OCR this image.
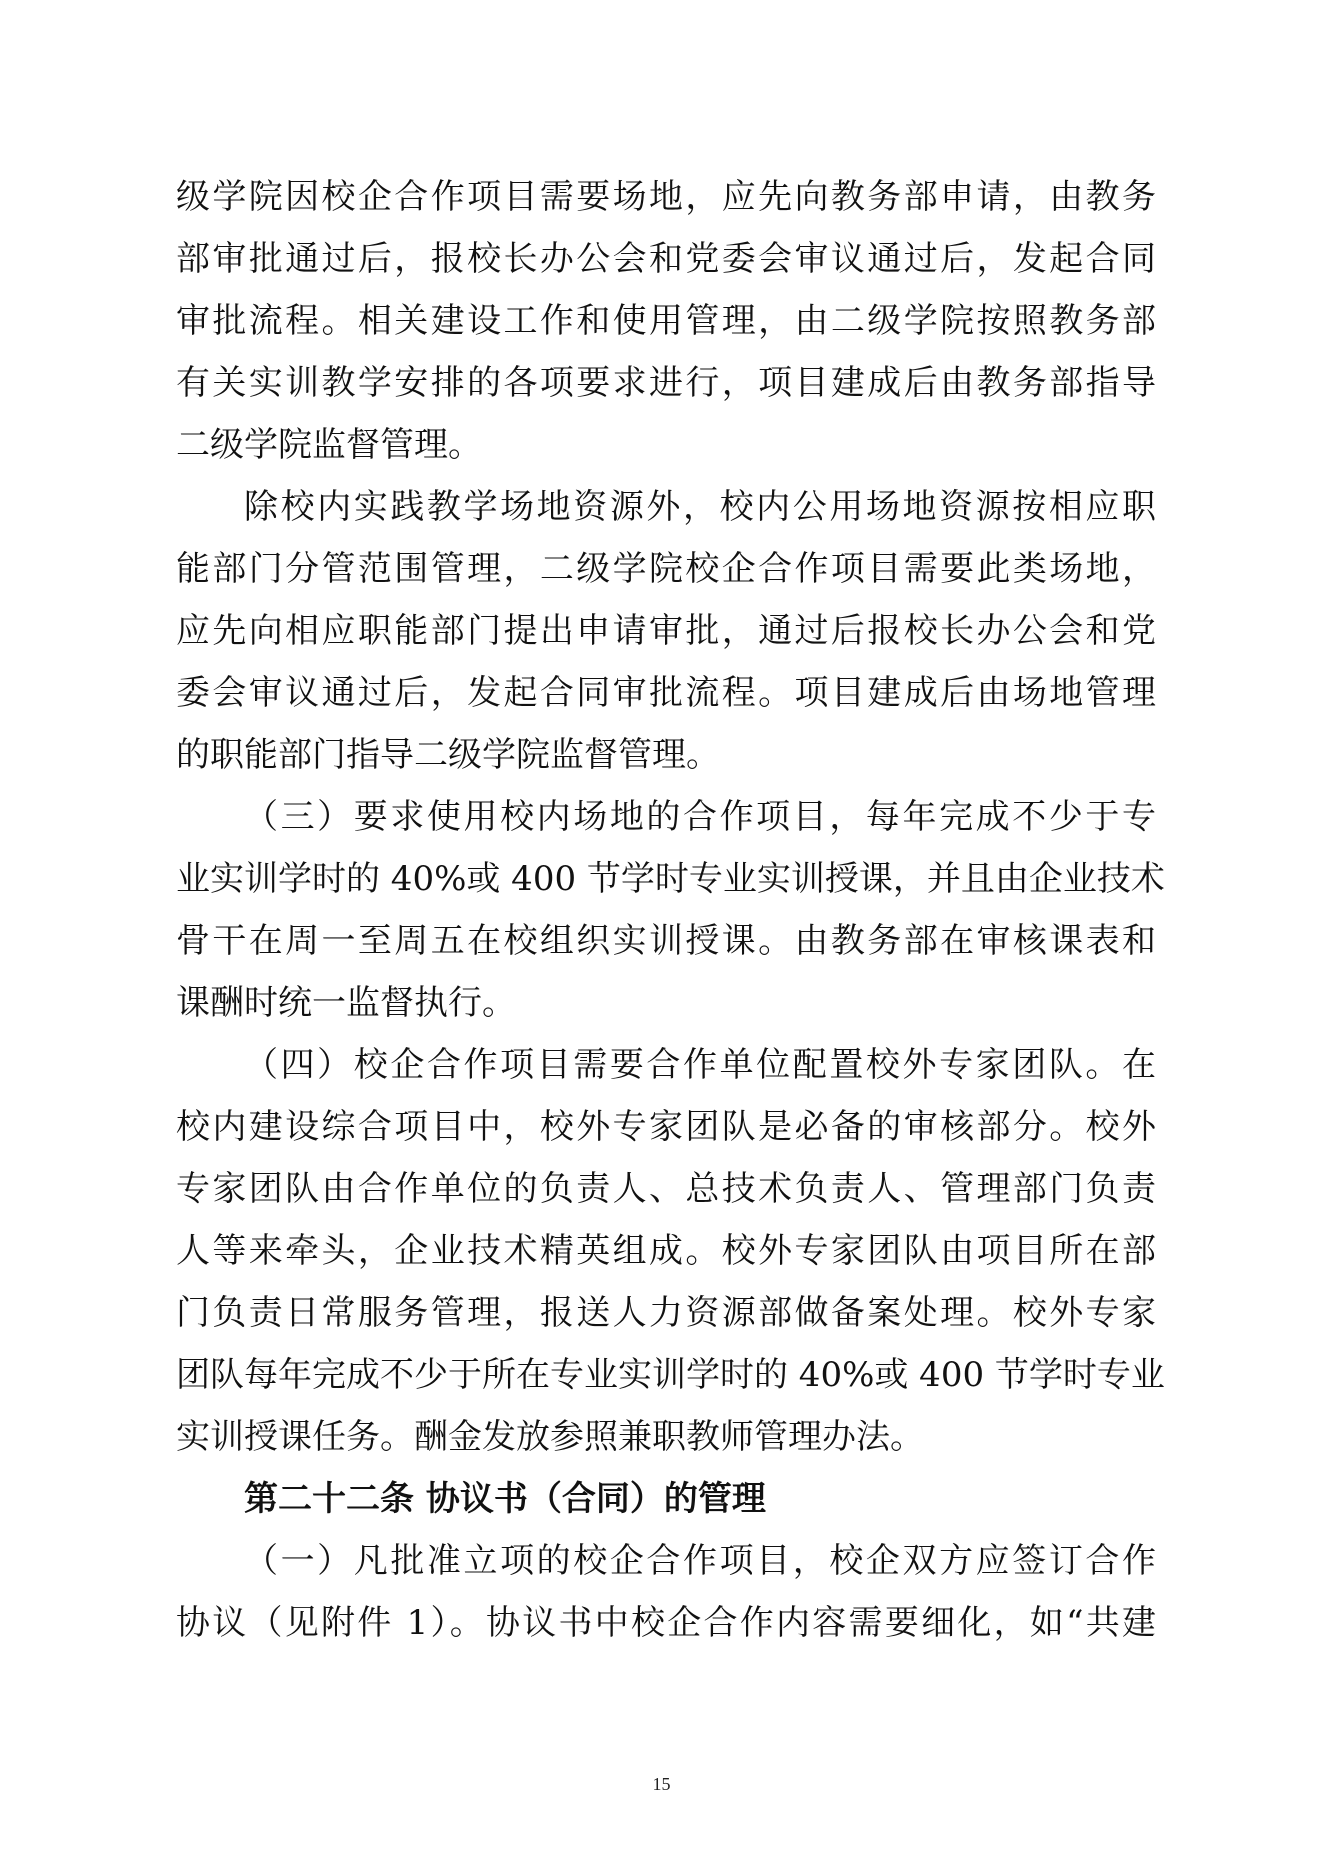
级学院因校企合作项目需要场地，应先向教务部申请，由教务
部审批通过后，报校长办公会和党委会审议通过后，发起合同
审批流程。相关建设工作和使用管理，由二级学院按照教务部
有关实训教学安排的各项要求进行，项目建成后由教务部指导
二级学院监督管理。
除校内实践教学场地资源外，校内公用场地资源按相应职
能部门分管范围管理，二级学院校企合作项目需要此类场地，
应先向相应职能部门提出申请审批，通过后报校长办公会和党
委会审议通过后，发起合同审批流程。项目建成后由场地管理
的职能部门指导二级学院监督管理。
（三）要求使用校内场地的合作项目，每年完成不少于专
业实训学时的 40%或 400 节学时专业实训授课，并且由企业技术
骨干在周一至周五在校组织实训授课。由教务部在审核课表和
课酬时统一监督执行。
（四）校企合作项目需要合作单位配置校外专家团队。在
校内建设综合项目中，校外专家团队是必备的审核部分。校外
专家团队由合作单位的负责人、总技术负责人、管理部门负责
人等来牵头，企业技术精英组成。校外专家团队由项目所在部
门负责日常服务管理，报送人力资源部做备案处理。校外专家
团队每年完成不少于所在专业实训学时的 40%或 400 节学时专业
实训授课任务。酬金发放参照兼职教师管理办法。
第二十二条 协议书（合同）的管理
（一）凡批准立项的校企合作项目，校企双方应签订合作
协议（见附件 1）。协议书中校企合作内容需要细化，如“共建
15
